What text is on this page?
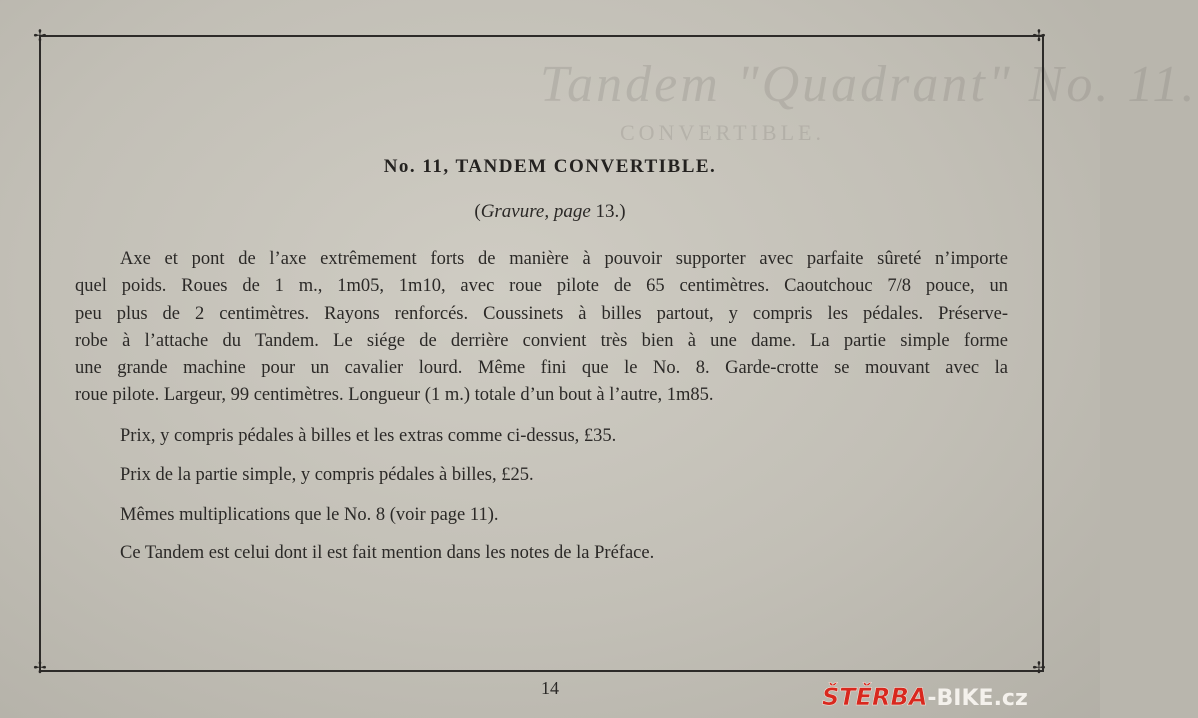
Tandem "Quadrant" No. 11.
CONVERTIBLE.
✢	✢
✢	✢
No. 11, TANDEM CONVERTIBLE.
(Gravure, page 13.)
Axe et pont de l’axe extrêmement forts de manière à pouvoir supporter avec parfaite sûreté n’importe
quel poids. Roues de 1 m., 1m05, 1m10, avec roue pilote de 65 centimètres. Caoutchouc 7/8 pouce, un
peu plus de 2 centimètres. Rayons renforcés. Coussinets à billes partout, y compris les pédales. Préserve-
robe à l’attache du Tandem. Le siége de derrière convient très bien à une dame. La partie simple forme
une grande machine pour un cavalier lourd. Même fini que le No. 8. Garde-crotte se mouvant avec la
roue pilote. Largeur, 99 centimètres. Longueur (1 m.) totale d’un bout à l’autre, 1m85.
Prix, y compris pédales à billes et les extras comme ci-dessus, £35.
Prix de la partie simple, y compris pédales à billes, £25.
Mêmes multiplications que le No. 8 (voir page 11).
Ce Tandem est celui dont il est fait mention dans les notes de la Préface.
14	ŠTĚRBA-BIKE.cz
